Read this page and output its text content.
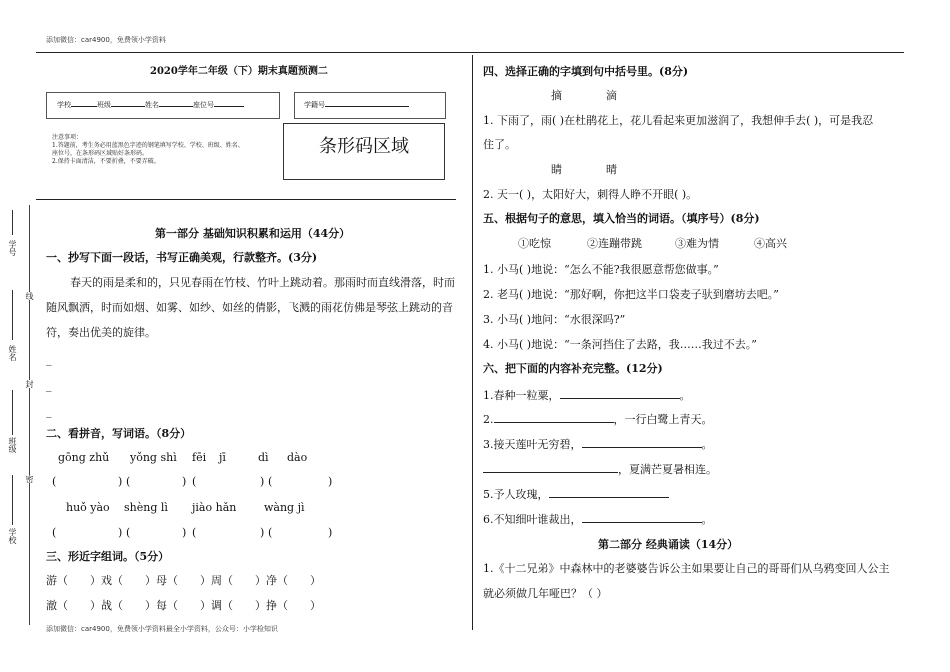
添加微信：car4900，免费领小学资料
学号
姓名
班级
学校
线
封
密
2020学年二年级（下）期末真题预测二
学校	班级	姓名	座位号	学籍号
注意事项：
1.答题前，考生务必用蓝黑色字迹的钢笔填写学校、学校、班级、姓名、
座位号，在条形码区域贴好条形码。
2.保持卡面清洁，不要折叠，不要弄破。
条形码区域
第一部分 基础知识积累和运用（44分）
一、抄写下面一段话，书写正确美观，行款整齐。(3分)
春天的雨是柔和的，只见春雨在竹枝、竹叶上跳动着。那雨时而直线滑落，时而
随风飘洒，时而如烟、如雾、如纱、如丝的倩影，飞溅的雨花仿佛是琴弦上跳动的音
符，奏出优美的旋律。
_
_
_
二、看拼音，写词语。（8分）
gōng zhǔ yǒng shì fēi jī	dì dào
(	) (	) (	) (	)
huǒ yào shèng lì jiào hǎn	wàng jì
(	) (	) (	) (	)
三、形近字组词。（5分）
游（ ）戏（ ）母（ ）周（ ）净（ ）
澈（ ）战（ ）每（ ）调（ ）挣（ ）
添加微信：car4900，免费领小学资料最全小学资料，公众号：小学检知识
四、选择正确的字填到句中括号里。(8分)
摘	滴
1. 下雨了，雨( )在杜鹃花上，花儿看起来更加滋润了，我想伸手去( )，可是我忍
住了。
睛	晴
2. 天一( )，太阳好大，刺得人睁不开眼( )。
五、根据句子的意思，填入恰当的词语。（填序号）(8分)
①吃惊	②连蹦带跳	③难为情	④高兴
1. 小马( )地说：“怎么不能?我很愿意帮您做事。”
2. 老马( )地说：“那好啊，你把这半口袋麦子驮到磨坊去吧。”
3. 小马( )地问：“水很深吗?”
4. 小马( )地说：“一条河挡住了去路，我……我过不去。”
六、把下面的内容补充完整。(12分)
1.春种一粒粟，	。
2.	，一行白鹭上青天。
3.接天莲叶无穷碧，	。
，夏满芒夏暑相连。
5.予人玫瑰，
6.不知细叶谁裁出，	。
第二部分 经典诵读（14分）
1.《十二兄弟》中森林中的老婆婆告诉公主如果要让自己的哥哥们从乌鸦变回人公主
就必须做几年哑巴？（ ）
